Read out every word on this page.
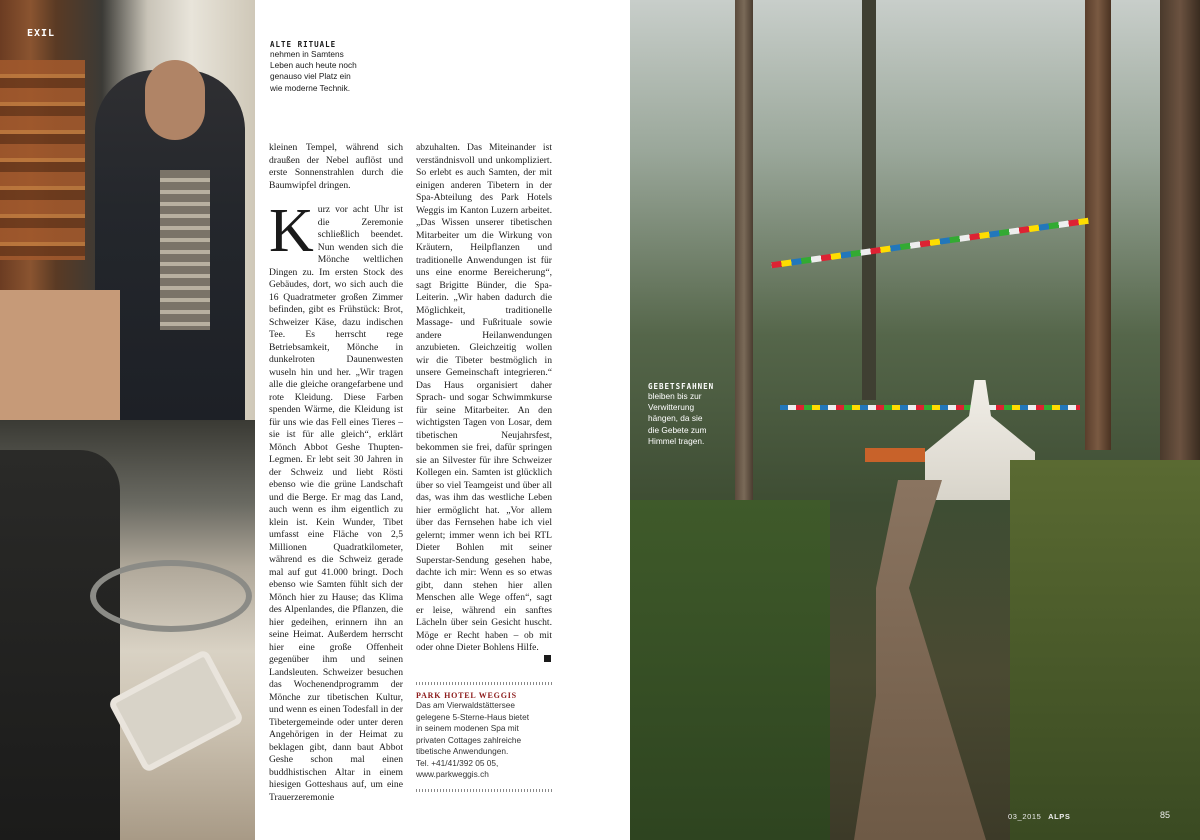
EXIL
ALTE RITUALE
nehmen in Samtens
Leben auch heute noch
genauso viel Platz ein
wie moderne Technik.

kleinen Tempel, während sich draußen der Nebel auflöst und erste Sonnenstrahlen durch die Baumwipfel dringen.

Kurz vor acht Uhr ist die Zeremonie schließlich beendet. Nun wenden sich die Mönche weltlichen Dingen zu. Im ersten Stock des Gebäudes, dort, wo sich auch die 16 Quadratmeter großen Zimmer befinden, gibt es Frühstück: Brot, Schweizer Käse, dazu indischen Tee. Es herrscht rege Betriebsamkeit, Mönche in dunkelroten Daunenwesten wuseln hin und her. „Wir tragen alle die gleiche orangefarbene und rote Kleidung. Diese Farben spenden Wärme, die Kleidung ist für uns wie das Fell eines Tieres – sie ist für alle gleich“, erklärt Mönch Abbot Geshe Thupten-Legmen. Er lebt seit 30 Jahren in der Schweiz und liebt Rösti ebenso wie die grüne Landschaft und die Berge. Er mag das Land, auch wenn es ihm eigentlich zu klein ist. Kein Wunder, Tibet umfasst eine Fläche von 2,5 Millionen Quadratkilometer, während es die Schweiz gerade mal auf gut 41.000 bringt. Doch ebenso wie Samten fühlt sich der Mönch hier zu Hause; das Klima des Alpenlandes, die Pflanzen, die hier gedeihen, erinnern ihn an seine Heimat. Außerdem herrscht hier eine große Offenheit gegenüber ihm und seinen Landsleuten. Schweizer besuchen das Wochenendprogramm der Mönche zur tibetischen Kultur, und wenn es einen Todesfall in der Tibetergemeinde oder unter deren Angehörigen in der Heimat zu beklagen gibt, dann baut Abbot Geshe schon mal einen buddhistischen Altar in einem hiesigen Gotteshaus auf, um eine Trauerzeremonie

abzuhalten. Das Miteinander ist verständnisvoll und unkompliziert. So erlebt es auch Samten, der mit einigen anderen Tibetern in der Spa-Abteilung des Park Hotels Weggis im Kanton Luzern arbeitet. „Das Wissen unserer tibetischen Mitarbeiter um die Wirkung von Kräutern, Heilpflanzen und traditionelle Anwendungen ist für uns eine enorme Bereicherung“, sagt Brigitte Bünder, die Spa-Leiterin. „Wir haben dadurch die Möglichkeit, traditionelle Massage- und Fußrituale sowie andere Heilanwendungen anzubieten. Gleichzeitig wollen wir die Tibeter bestmöglich in unsere Gemeinschaft integrieren.“ Das Haus organisiert daher Sprach- und sogar Schwimmkurse für seine Mitarbeiter. An den wichtigsten Tagen von Losar, dem tibetischen Neujahrsfest, bekommen sie frei, dafür springen sie an Silvester für ihre Schweizer Kollegen ein. Samten ist glücklich über so viel Teamgeist und über all das, was ihm das westliche Leben hier ermöglicht hat. „Vor allem über das Fernsehen habe ich viel gelernt; immer wenn ich bei RTL Dieter Bohlen mit seiner Superstar-Sendung gesehen habe, dachte ich mir: Wenn es so etwas gibt, dann stehen hier allen Menschen alle Wege offen“, sagt er leise, während ein sanftes Lächeln über sein Gesicht huscht. Möge er Recht haben – ob mit oder ohne Dieter Bohlens Hilfe.

PARK HOTEL WEGGIS
Das am Vierwaldstättersee
gelegene 5-Sterne-Haus bietet
in seinem modenen Spa mit
privaten Cottages zahlreiche
tibetische Anwendungen.
Tel. +41/41/392 05 05,
www.parkweggis.ch
GEBETSFAHNEN
bleiben bis zur
Verwitterung
hängen, da sie
die Gebete zum
Himmel tragen.
03_2015 ALPS	85
